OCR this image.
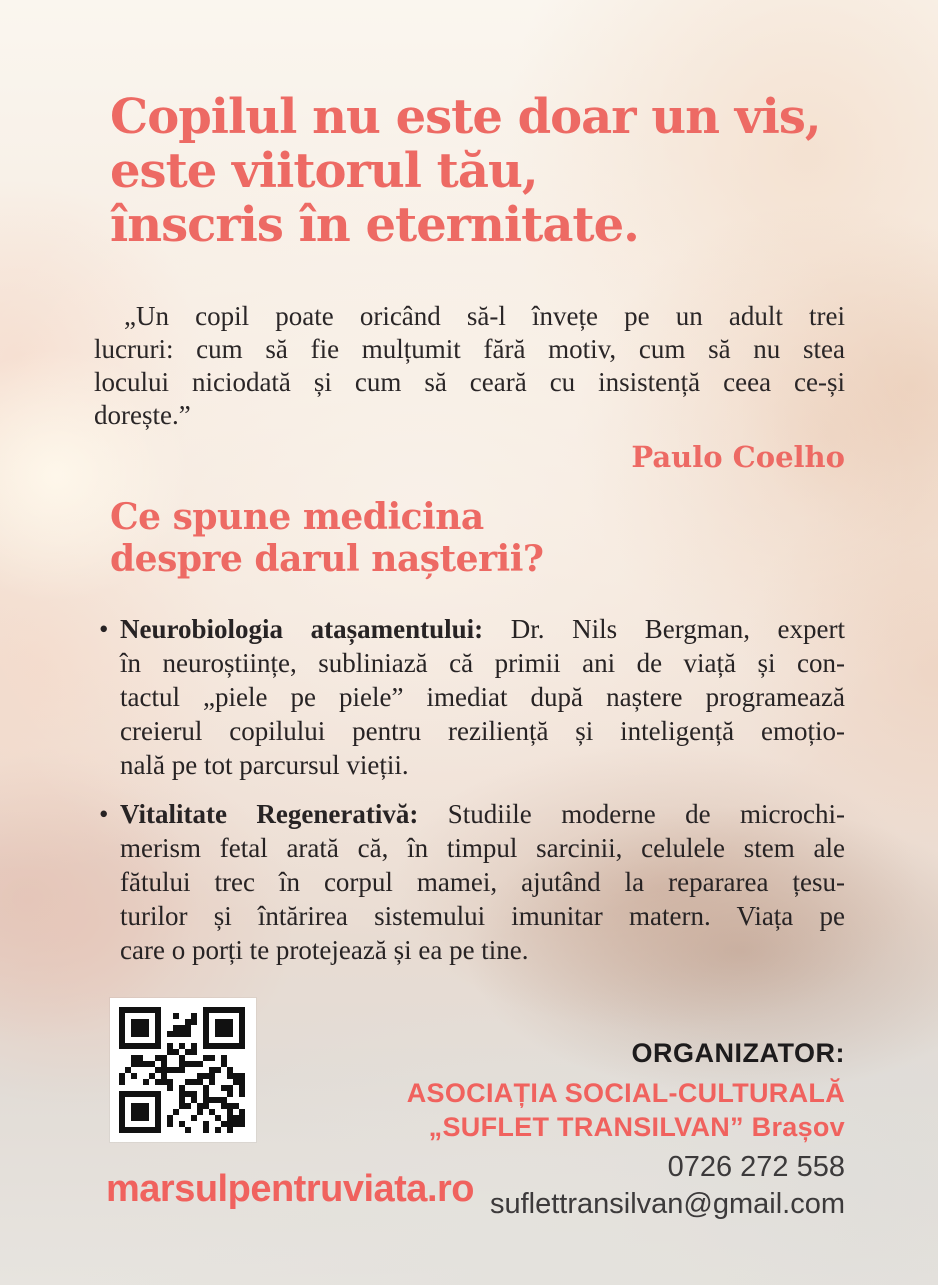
Copilul nu este doar un vis,
este viitorul tău,
înscris în eternitate.
„Un copil poate oricând să-l învețe pe un adult trei
lucruri: cum să fie mulțumit fără motiv, cum să nu stea
locului niciodată și cum să ceară cu insistență ceea ce-și
dorește.”
Paulo Coelho
Ce spune medicina
despre darul nașterii?
• Neurobiologia atașamentului: Dr. Nils Bergman, expert
în neuroștiințe, subliniază că primii ani de viață și con-
tactul „piele pe piele” imediat după naștere programează
creierul copilului pentru reziliență și inteligență emoțio-
nală pe tot parcursul vieții.
• Vitalitate Regenerativă: Studiile moderne de microchi-
merism fetal arată că, în timpul sarcinii, celulele stem ale
fătului trec în corpul mamei, ajutând la repararea țesu-
turilor și întărirea sistemului imunitar matern. Viața pe
care o porți te protejează și ea pe tine.
marsulpentruviata.ro
ORGANIZATOR:
ASOCIAȚIA SOCIAL-CULTURALĂ
„SUFLET TRANSILVAN” Brașov
0726 272 558
suflettransilvan@gmail.com
